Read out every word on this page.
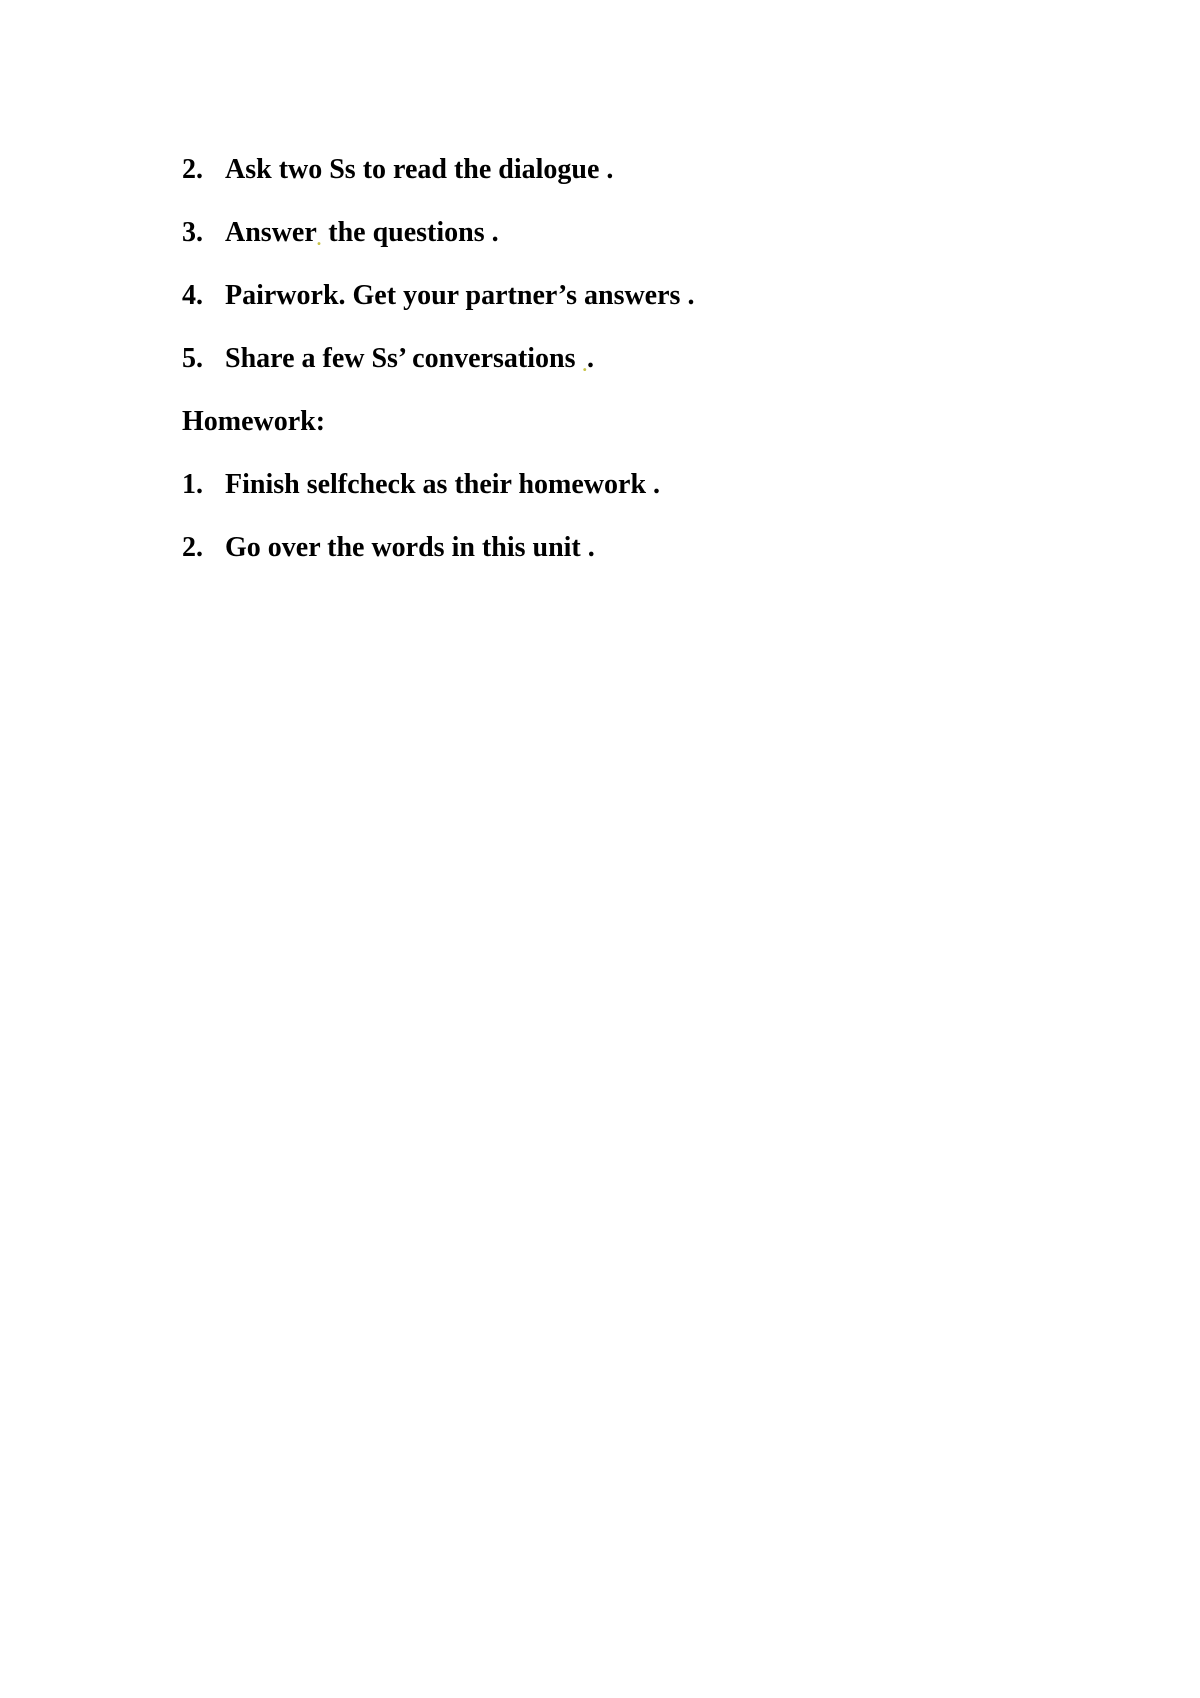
2. Ask two Ss to read the dialogue .
3. Answer. the questions .
4. Pairwork. Get your partner’s answers .
5. Share a few Ss’ conversations ..
Homework:
1. Finish selfcheck as their homework .
2. Go over the words in this unit .
